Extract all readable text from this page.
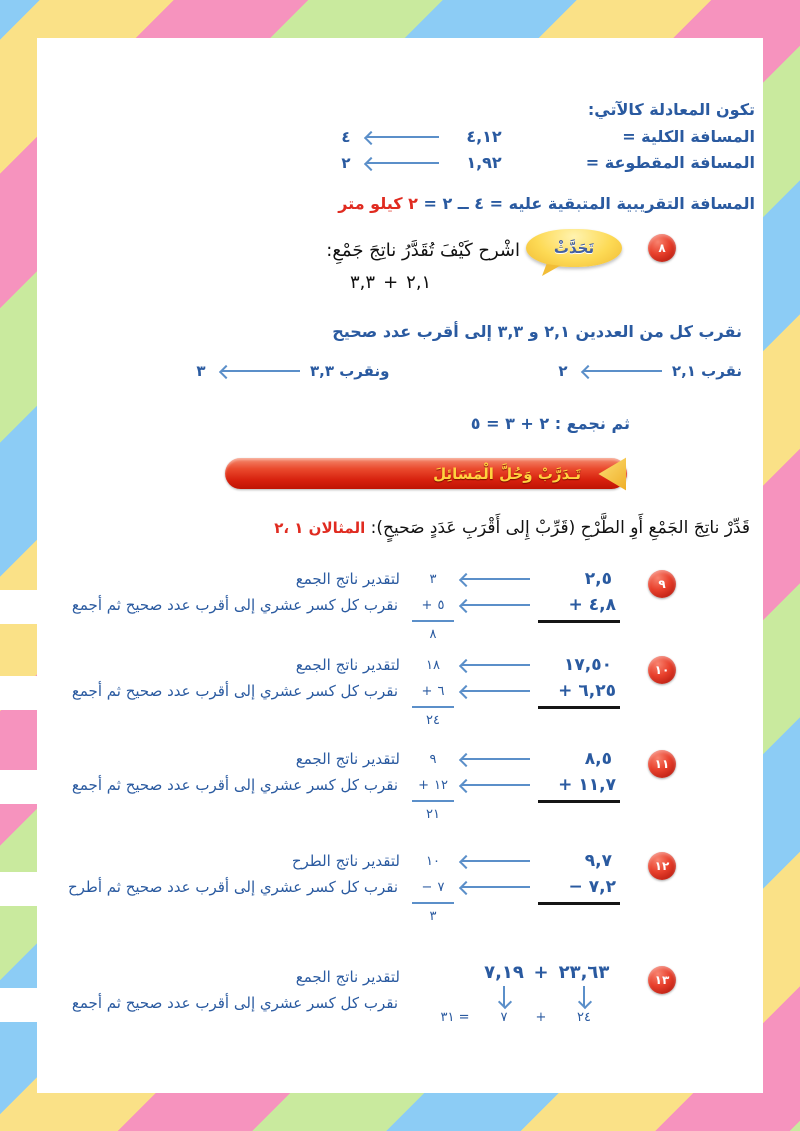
تكون المعادلة كالآتي:
٤	٤,١٢	المسافة الكلية =
٢	١,٩٢	المسافة المقطوعة =
المسافة التقريبية المتبقية عليه = ٤ ــ ٢ = ٢ كيلو متر
٨
تَحَدَّثْ
اشْرح كَيْفَ تُقَدَّرُ ناتِجَ جَمْعِ:
٣,٣ + ٢,١
نقرب كل من العددين ٢,١ و ٣,٣ إلى أقرب عدد صحيح
٣	ونقرب ٣,٣	٢	نقرب ٢,١
ثم نجمع : ٢ + ٣ = ٥
تَـدَرَّبْ وَحُلَّ الْمَسَائِلَ
قَدِّرْ ناتِجَ الجَمْعِ أَوِ الطَّرْحِ (قَرِّبْ إِلى أَقْرَبِ عَدَدٍ صَحيحٍ): المثالان ١ ،٢
٩
٣	٢,٥
+ ٥	+ ٤,٨
٨
لتقدير ناتج الجمع
نقرب كل كسر عشري إلى أقرب عدد صحيح ثم أجمع
١٠
١٨	١٧,٥٠
+ ٦	+ ٦,٢٥
٢٤
لتقدير ناتج الجمع
نقرب كل كسر عشري إلى أقرب عدد صحيح ثم أجمع
١١
٩	٨,٥
+ ١٢	+ ١١,٧
٢١
لتقدير ناتج الجمع
نقرب كل كسر عشري إلى أقرب عدد صحيح ثم أجمع
١٢
١٠	٩,٧
− ٧	− ٧,٢
٣
لتقدير ناتج الطرح
نقرب كل كسر عشري إلى أقرب عدد صحيح ثم أطرح
١٣
٧,١٩ + ٢٣,٦٣
٣١ =	٧	+	٢٤
لتقدير ناتج الجمع
نقرب كل كسر عشري إلى أقرب عدد صحيح ثم أجمع
